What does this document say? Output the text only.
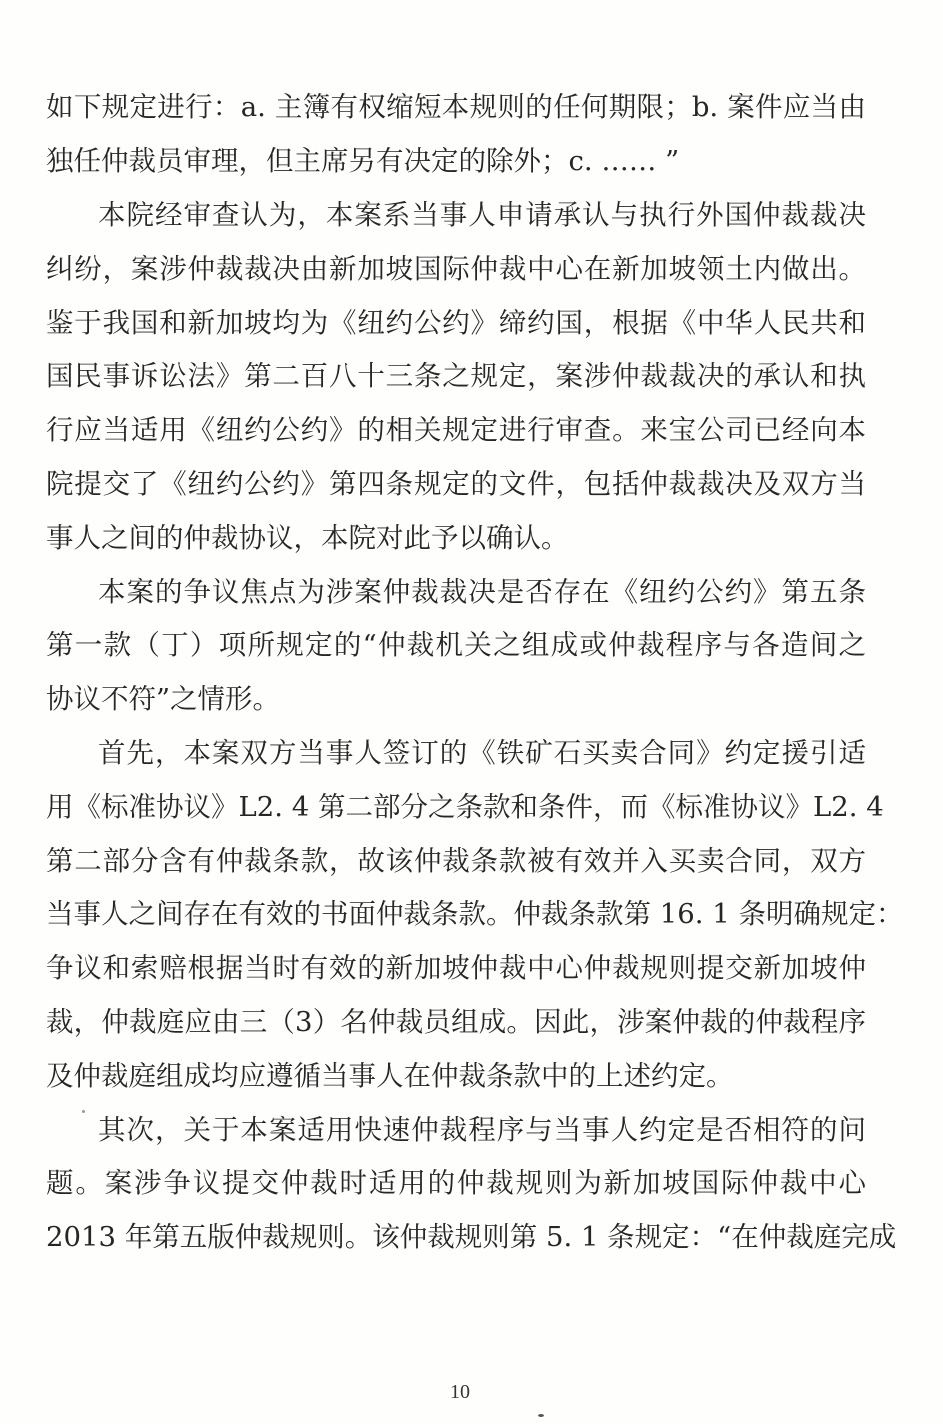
如下规定进行：a. 主簿有权缩短本规则的任何期限；b. 案件应当由
独任仲裁员审理，但主席另有决定的除外；c. …… ”
本院经审查认为，本案系当事人申请承认与执行外国仲裁裁决
纠纷，案涉仲裁裁决由新加坡国际仲裁中心在新加坡领土内做出。
鉴于我国和新加坡均为《纽约公约》缔约国，根据《中华人民共和
国民事诉讼法》第二百八十三条之规定，案涉仲裁裁决的承认和执
行应当适用《纽约公约》的相关规定进行审查。来宝公司已经向本
院提交了《纽约公约》第四条规定的文件，包括仲裁裁决及双方当
事人之间的仲裁协议，本院对此予以确认。
本案的争议焦点为涉案仲裁裁决是否存在《纽约公约》第五条
第一款（丁）项所规定的“仲裁机关之组成或仲裁程序与各造间之
协议不符”之情形。
首先，本案双方当事人签订的《铁矿石买卖合同》约定援引适
用《标准协议》L2. 4 第二部分之条款和条件，而《标准协议》L2. 4
第二部分含有仲裁条款，故该仲裁条款被有效并入买卖合同，双方
当事人之间存在有效的书面仲裁条款。仲裁条款第 16. 1 条明确规定：
争议和索赔根据当时有效的新加坡仲裁中心仲裁规则提交新加坡仲
裁，仲裁庭应由三（3）名仲裁员组成。因此，涉案仲裁的仲裁程序
及仲裁庭组成均应遵循当事人在仲裁条款中的上述约定。
其次，关于本案适用快速仲裁程序与当事人约定是否相符的问
题。案涉争议提交仲裁时适用的仲裁规则为新加坡国际仲裁中心
2013 年第五版仲裁规则。该仲裁规则第 5. 1 条规定：“在仲裁庭完成
10
